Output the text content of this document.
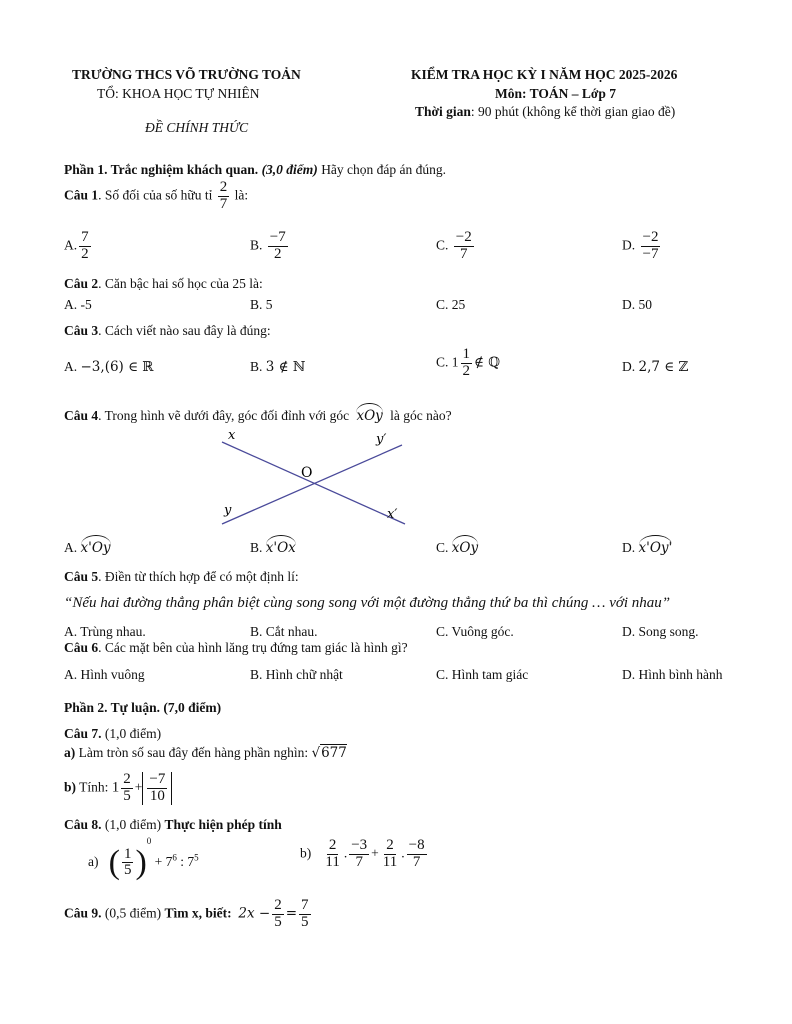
TRƯỜNG THCS VÕ TRƯỜNG TOẢN
TỔ: KHOA HỌC TỰ NHIÊN
ĐỀ CHÍNH THỨC
KIỂM TRA HỌC KỲ I NĂM HỌC 2025-2026
Môn: TOÁN – Lớp 7
Thời gian: 90 phút (không kể thời gian giao đề)
Phần 1. Trắc nghiệm khách quan. (3,0 điểm) Hãy chọn đáp án đúng.
Câu 1. Số đối của số hữu tỉ $\frac{2}{7}$ là:
A. $\frac{7}{2}$	B. $\frac{-7}{2}$	C. $\frac{-2}{7}$	D. $\frac{-2}{-7}$
Câu 2. Căn bậc hai số học của 25 là:
A. -5	B. 5	C. 25	D. 50
Câu 3. Cách viết nào sau đây là đúng:
A. −3,(6) ∈ ℝ	B. 3 ∉ ℕ	C. $1 \frac{1}{2}$ ∉ ℚ	D. 2,7 ∈ ℤ
Câu 4. Trong hình vẽ dưới đây, góc đối đỉnh với góc xOy là góc nào?
x	y′
O
y	x′
A. x'Oy	B. x'Ox	C. xOy	D. x'Oy'
Câu 5. Điền từ thích hợp để có một định lí:
“Nếu hai đường thẳng phân biệt cùng song song với một đường thẳng thứ ba thì chúng … với nhau”
A. Trùng nhau.	B. Cắt nhau.	C. Vuông góc.	D. Song song.
Câu 6. Các mặt bên của hình lăng trụ đứng tam giác là hình gì?
A. Hình vuông	B. Hình chữ nhật	C. Hình tam giác	D. Hình bình hành
Phần 2. Tự luận. (7,0 điểm)
Câu 7. (1,0 điểm)
a) Làm tròn số sau đây đến hàng phần nghìn: √677
b) Tính: $1 \frac{2}{5} + \frac{-7}{10}$
Câu 8. (1,0 điểm) Thực hiện phép tính
a) ( $\frac{1}{5} )^0 + 7^6$ : $7^5$	$b) \frac{2}{11}$ . $\frac{-3}{7} + \frac{2}{11}$ . $\frac{-8}{7}$
Câu 9. (0,5 điểm) Tìm x, biết: $2x - \frac{2}{5} = \frac{7}{5}$
